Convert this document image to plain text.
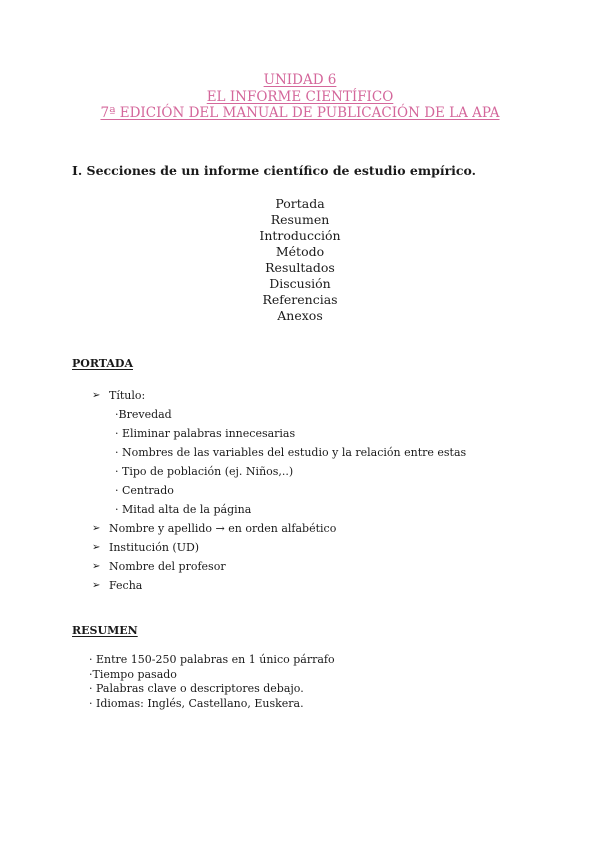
UNIDAD 6
EL INFORME CIENTÍFICO
7ª EDICIÓN DEL MANUAL DE PUBLICACIÓN DE LA APA
I. Secciones de un informe científico de estudio empírico.
Portada
Resumen
Introducción
Método
Resultados
Discusión
Referencias
Anexos
PORTADA
➢ Título:
·Brevedad
· Eliminar palabras innecesarias
· Nombres de las variables del estudio y la relación entre estas
· Tipo de población (ej. Niños,..)
· Centrado
· Mitad alta de la página
➢ Nombre y apellido → en orden alfabético
➢ Institución (UD)
➢ Nombre del profesor
➢ Fecha
RESUMEN
· Entre 150-250 palabras en 1 único párrafo
·Tiempo pasado
· Palabras clave o descriptores debajo.
· Idiomas: Inglés, Castellano, Euskera.
